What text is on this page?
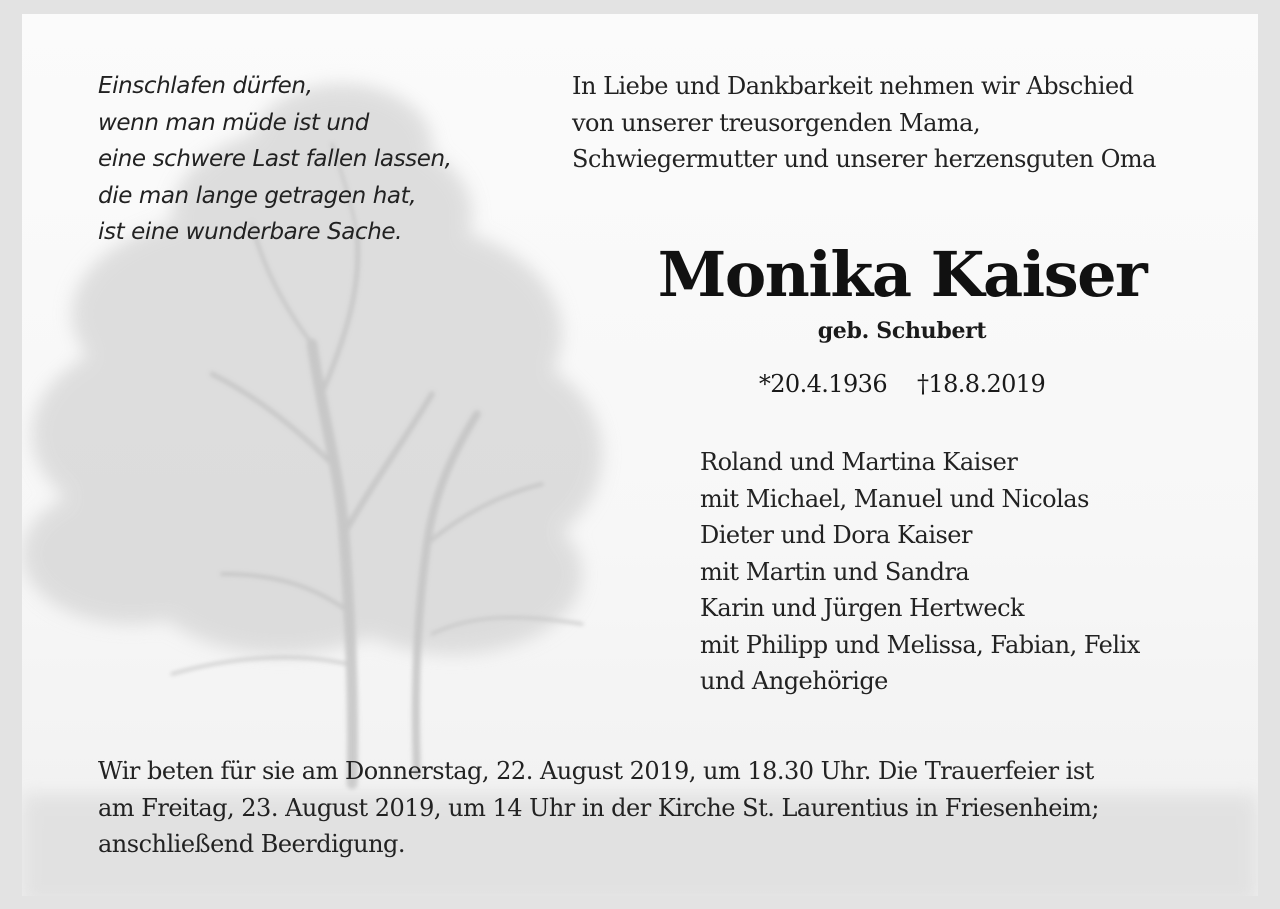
Einschlafen dürfen,
wenn man müde ist und
eine schwere Last fallen lassen,
die man lange getragen hat,
ist eine wunderbare Sache.
In Liebe und Dankbarkeit nehmen wir Abschied
von unserer treusorgenden Mama,
Schwiegermutter und unserer herzensguten Oma
Monika Kaiser
geb. Schubert
*20.4.1936 †18.8.2019
Roland und Martina Kaiser
mit Michael, Manuel und Nicolas
Dieter und Dora Kaiser
mit Martin und Sandra
Karin und Jürgen Hertweck
mit Philipp und Melissa, Fabian, Felix
und Angehörige
Wir beten für sie am Donnerstag, 22. August 2019, um 18.30 Uhr. Die Trauerfeier ist
am Freitag, 23. August 2019, um 14 Uhr in der Kirche St. Laurentius in Friesenheim;
anschließend Beerdigung.
